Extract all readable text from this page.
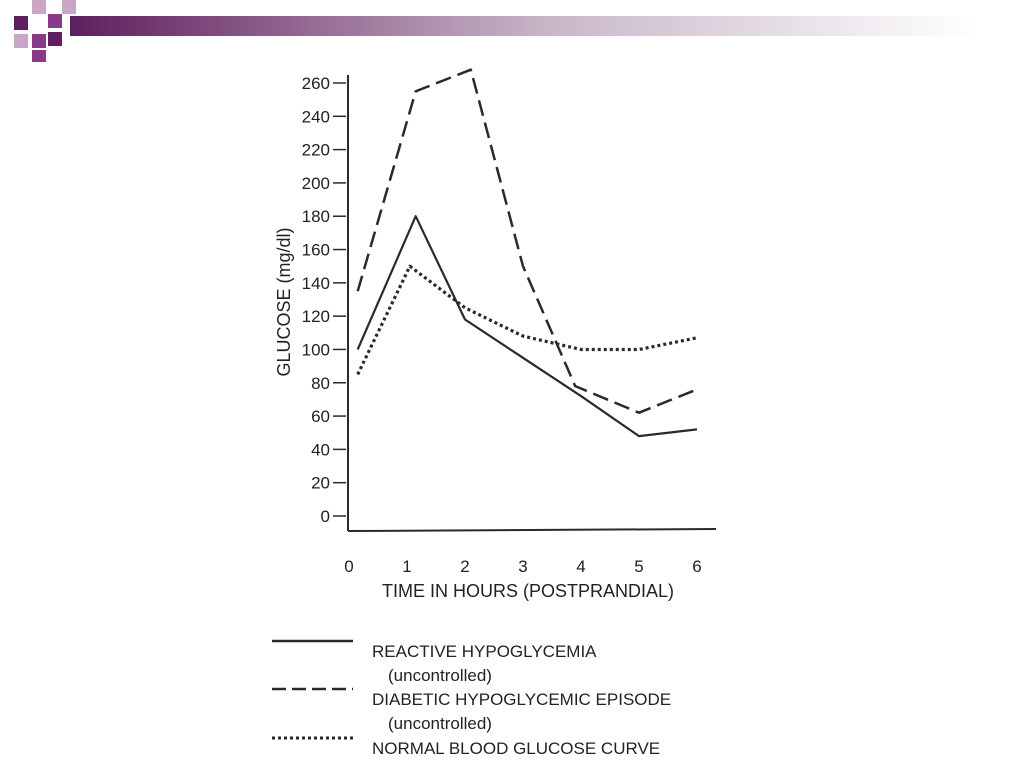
0
20
40
60
80
100
120
140
160
180
200
220
240
260
0	1	2	3	4	5	6
GLUCOSE (mg/dl)
TIME IN HOURS (POSTPRANDIAL)
REACTIVE HYPOGLYCEMIA
(uncontrolled)
DIABETIC HYPOGLYCEMIC EPISODE
(uncontrolled)
NORMAL BLOOD GLUCOSE CURVE
